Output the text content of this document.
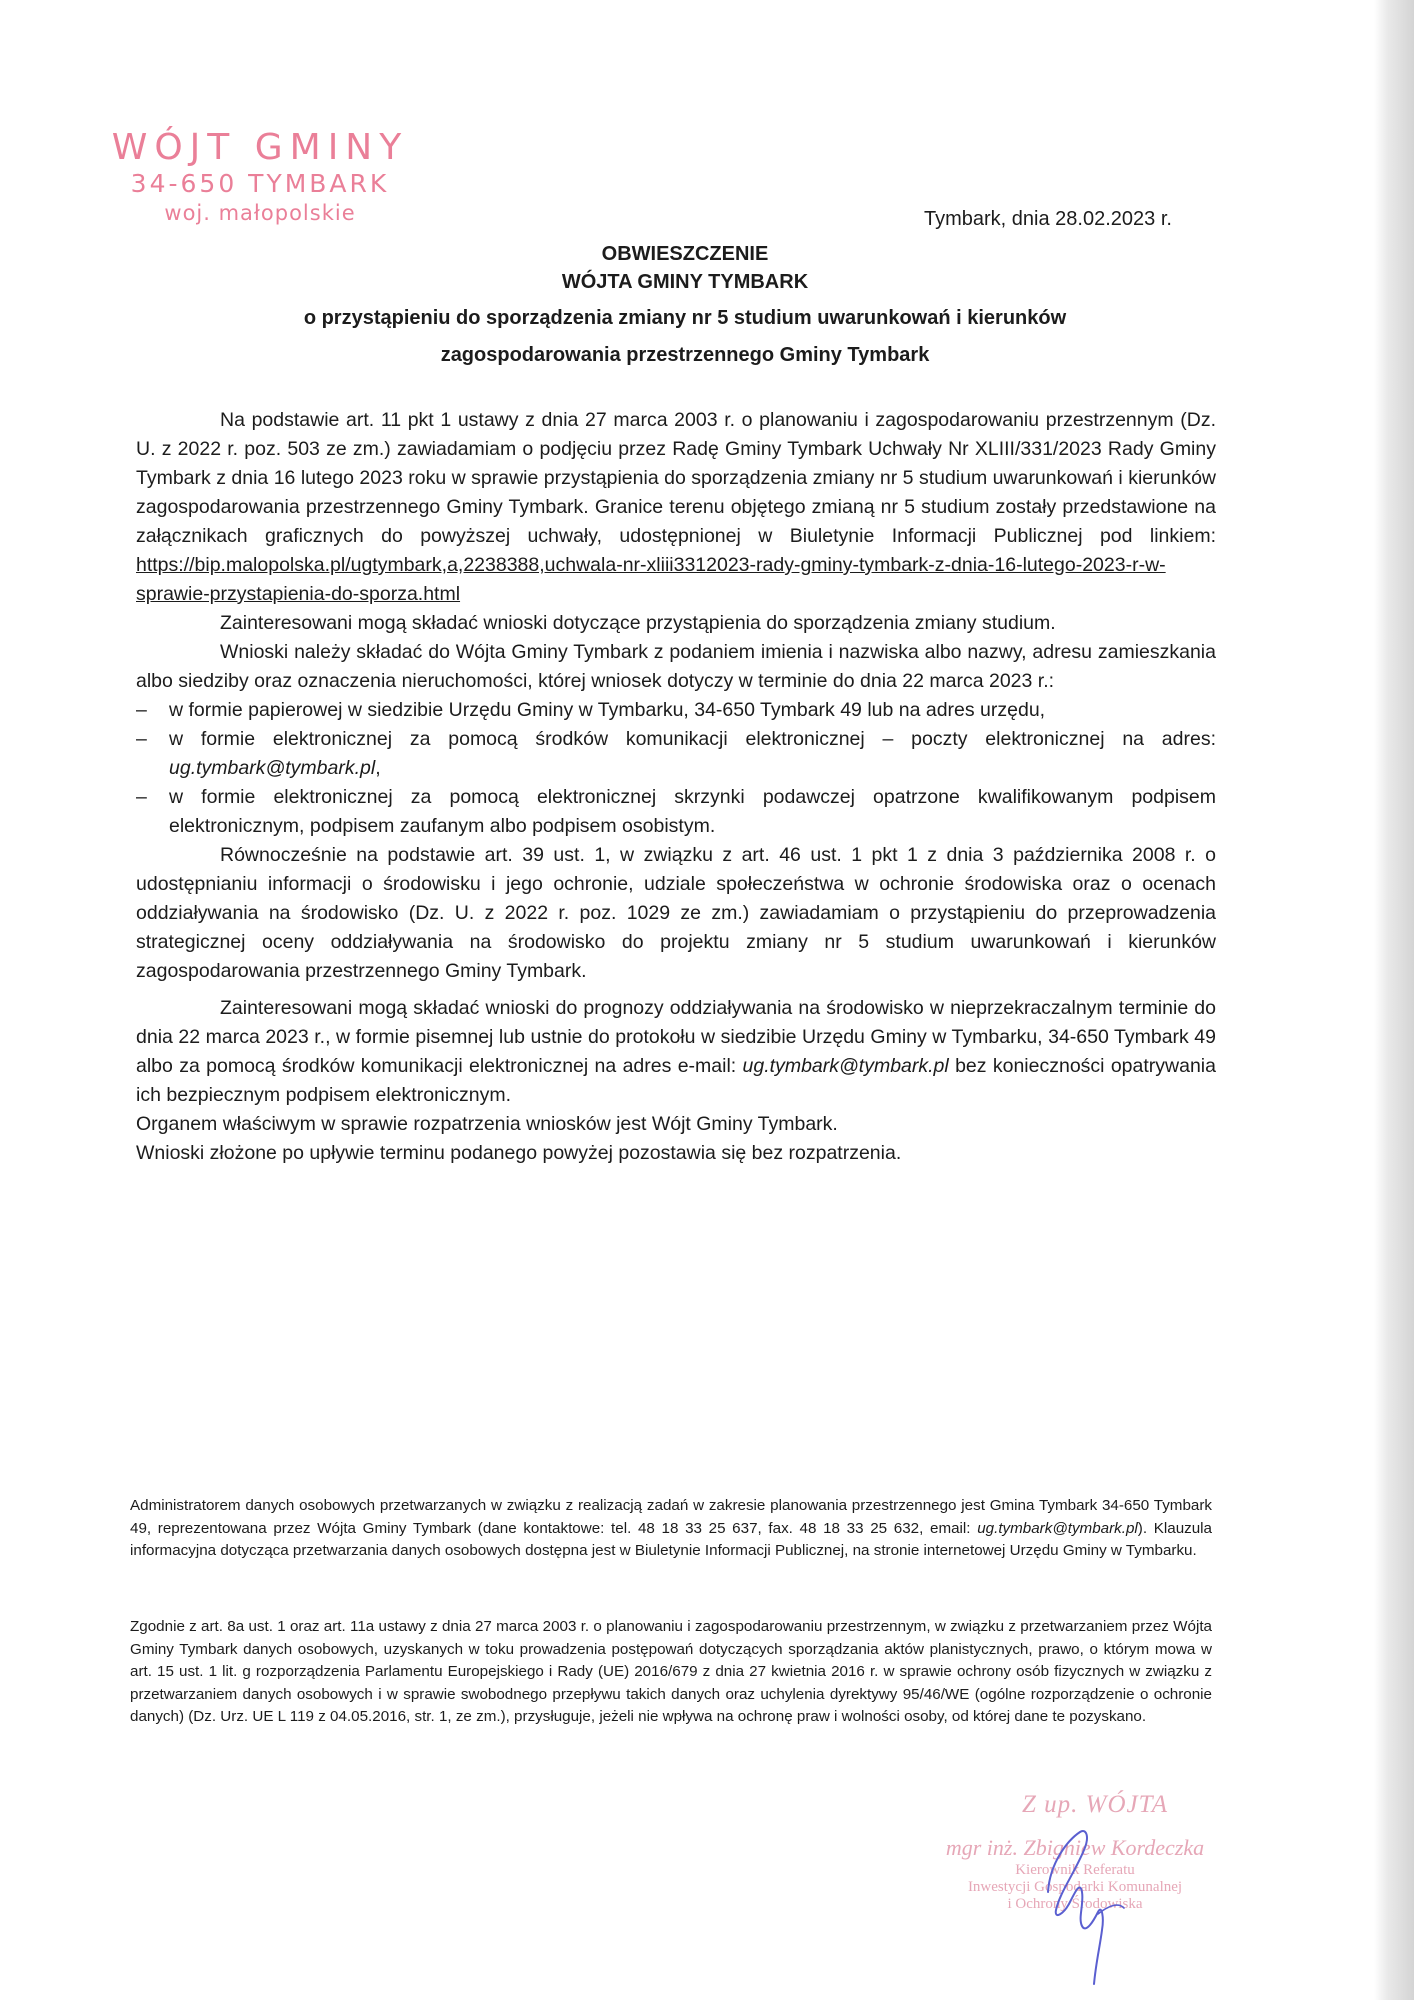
WÓJT GMINY
34-650 TYMBARK
woj. małopolskie	Tymbark, dnia 28.02.2023 r.
OBWIESZCZENIE
WÓJTA GMINY TYMBARK
o przystąpieniu do sporządzenia zmiany nr 5 studium uwarunkowań i kierunków
zagospodarowania przestrzennego Gminy Tymbark

Na podstawie art. 11 pkt 1 ustawy z dnia 27 marca 2003 r. o planowaniu i zagospodarowaniu przestrzennym (Dz. U. z 2022 r. poz. 503 ze zm.) zawiadamiam o podjęciu przez Radę Gminy Tymbark Uchwały Nr XLIII/331/2023 Rady Gminy Tymbark z dnia 16 lutego 2023 roku w sprawie przystąpienia do sporządzenia zmiany nr 5 studium uwarunkowań i kierunków zagospodarowania przestrzennego Gminy Tymbark. Granice terenu objętego zmianą nr 5 studium zostały przedstawione na załącznikach graficznych do powyższej uchwały, udostępnionej w Biuletynie Informacji Publicznej pod linkiem: https://bip.malopolska.pl/ugtymbark,a,2238388,uchwala-nr-xliii3312023-rady-gminy-tymbark-z-dnia-16-lutego-2023-r-w-sprawie-przystapienia-do-sporza.html

Zainteresowani mogą składać wnioski dotyczące przystąpienia do sporządzenia zmiany studium.

Wnioski należy składać do Wójta Gminy Tymbark z podaniem imienia i nazwiska albo nazwy, adresu zamieszkania albo siedziby oraz oznaczenia nieruchomości, której wniosek dotyczy w terminie do dnia 22 marca 2023 r.:

– w formie papierowej w siedzibie Urzędu Gminy w Tymbarku, 34-650 Tymbark 49 lub na adres urzędu,
– w formie elektronicznej za pomocą środków komunikacji elektronicznej – poczty elektronicznej na adres: ug.tymbark@tymbark.pl,
– w formie elektronicznej za pomocą elektronicznej skrzynki podawczej opatrzone kwalifikowanym podpisem elektronicznym, podpisem zaufanym albo podpisem osobistym.

Równocześnie na podstawie art. 39 ust. 1, w związku z art. 46 ust. 1 pkt 1 z dnia 3 października 2008 r. o udostępnianiu informacji o środowisku i jego ochronie, udziale społeczeństwa w ochronie środowiska oraz o ocenach oddziaływania na środowisko (Dz. U. z 2022 r. poz. 1029 ze zm.) zawiadamiam o przystąpieniu do przeprowadzenia strategicznej oceny oddziaływania na środowisko do projektu zmiany nr 5 studium uwarunkowań i kierunków zagospodarowania przestrzennego Gminy Tymbark.

Zainteresowani mogą składać wnioski do prognozy oddziaływania na środowisko w nieprzekraczalnym terminie do dnia 22 marca 2023 r., w formie pisemnej lub ustnie do protokołu w siedzibie Urzędu Gminy w Tymbarku, 34-650 Tymbark 49 albo za pomocą środków komunikacji elektronicznej na adres e-mail: ug.tymbark@tymbark.pl bez konieczności opatrywania ich bezpiecznym podpisem elektronicznym.

Organem właściwym w sprawie rozpatrzenia wniosków jest Wójt Gminy Tymbark.

Wnioski złożone po upływie terminu podanego powyżej pozostawia się bez rozpatrzenia.

Administratorem danych osobowych przetwarzanych w związku z realizacją zadań w zakresie planowania przestrzennego jest Gmina Tymbark 34-650 Tymbark 49, reprezentowana przez Wójta Gminy Tymbark (dane kontaktowe: tel. 48 18 33 25 637, fax. 48 18 33 25 632, email: ug.tymbark@tymbark.pl). Klauzula informacyjna dotycząca przetwarzania danych osobowych dostępna jest w Biuletynie Informacji Publicznej, na stronie internetowej Urzędu Gminy w Tymbarku.

Zgodnie z art. 8a ust. 1 oraz art. 11a ustawy z dnia 27 marca 2003 r. o planowaniu i zagospodarowaniu przestrzennym, w związku z przetwarzaniem przez Wójta Gminy Tymbark danych osobowych, uzyskanych w toku prowadzenia postępowań dotyczących sporządzania aktów planistycznych, prawo, o którym mowa w art. 15 ust. 1 lit. g rozporządzenia Parlamentu Europejskiego i Rady (UE) 2016/679 z dnia 27 kwietnia 2016 r. w sprawie ochrony osób fizycznych w związku z przetwarzaniem danych osobowych i w sprawie swobodnego przepływu takich danych oraz uchylenia dyrektywy 95/46/WE (ogólne rozporządzenie o ochronie danych) (Dz. Urz. UE L 119 z 04.05.2016, str. 1, ze zm.), przysługuje, jeżeli nie wpływa na ochronę praw i wolności osoby, od której dane te pozyskano.

Z up. WÓJTA
mgr inż. Zbigniew Kordeczka
Kierownik Referatu
Inwestycji Gospodarki Komunalnej
i Ochrony Środowiska
